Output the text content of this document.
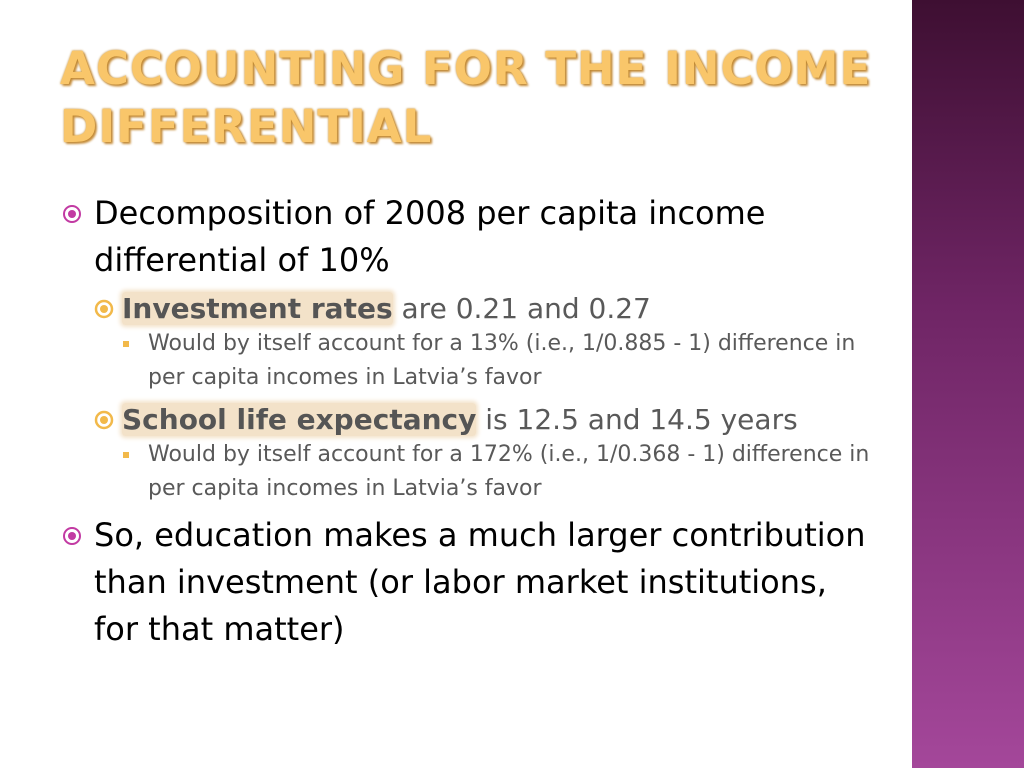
ACCOUNTING FOR THE INCOME DIFFERENTIAL

Decomposition of 2008 per capita income differential of 10%

Investment rates are 0.21 and 0.27

Would by itself account for a 13% (i.e., 1/0.885 - 1) difference in per capita incomes in Latvia’s favor

School life expectancy is 12.5 and 14.5 years

Would by itself account for a 172% (i.e., 1/0.368 - 1) difference in per capita incomes in Latvia’s favor

So, education makes a much larger contribution than investment (or labor market institutions, for that matter)
